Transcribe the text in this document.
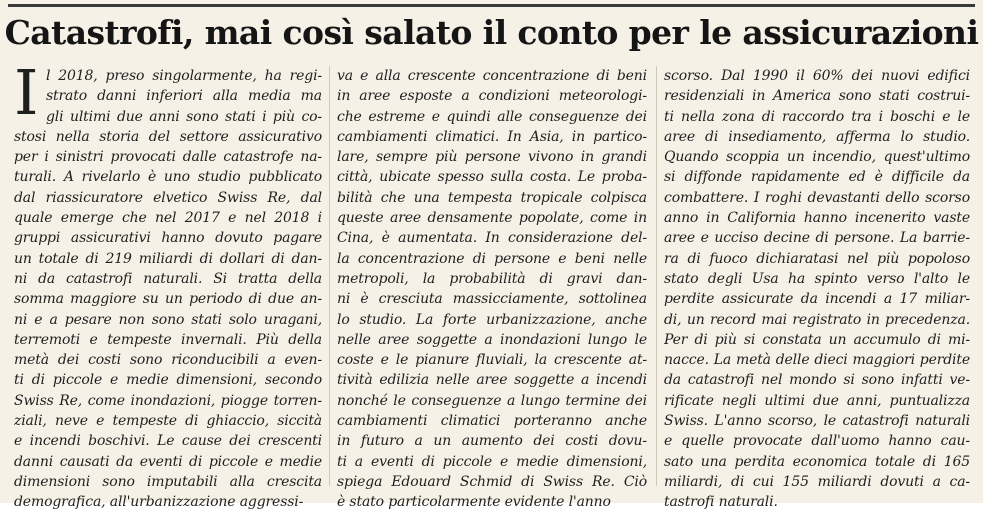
Catastrofi, mai così salato il conto per le assicurazioni
I l 2018, preso singolarmente, ha regi-
strato danni inferiori alla media ma
gli ultimi due anni sono stati i più co-
stosi nella storia del settore assicurativo
per i sinistri provocati dalle catastrofe na-
turali. A rivelarlo è uno studio pubblicato
dal riassicuratore elvetico Swiss Re, dal
quale emerge che nel 2017 e nel 2018 i
gruppi assicurativi hanno dovuto pagare
un totale di 219 miliardi di dollari di dan-
ni da catastrofi naturali. Si tratta della
somma maggiore su un periodo di due an-
ni e a pesare non sono stati solo uragani,
terremoti e tempeste invernali. Più della
metà dei costi sono riconducibili a even-
ti di piccole e medie dimensioni, secondo
Swiss Re, come inondazioni, piogge torren-
ziali, neve e tempeste di ghiaccio, siccità
e incendi boschivi. Le cause dei crescenti
danni causati da eventi di piccole e medie
dimensioni sono imputabili alla crescita
demografica, all'urbanizzazione aggressi-
va e alla crescente concentrazione di beni
in aree esposte a condizioni meteorologi-
che estreme e quindi alle conseguenze dei
cambiamenti climatici. In Asia, in partico-
lare, sempre più persone vivono in grandi
città, ubicate spesso sulla costa. Le proba-
bilità che una tempesta tropicale colpisca
queste aree densamente popolate, come in
Cina, è aumentata. In considerazione del-
la concentrazione di persone e beni nelle
metropoli, la probabilità di gravi dan-
ni è cresciuta massicciamente, sottolinea
lo studio. La forte urbanizzazione, anche
nelle aree soggette a inondazioni lungo le
coste e le pianure fluviali, la crescente at-
tività edilizia nelle aree soggette a incendi
nonché le conseguenze a lungo termine dei
cambiamenti climatici porteranno anche
in futuro a un aumento dei costi dovu-
ti a eventi di piccole e medie dimensioni,
spiega Edouard Schmid di Swiss Re. Ciò
è stato particolarmente evidente l'anno
scorso. Dal 1990 il 60% dei nuovi edifici
residenziali in America sono stati costrui-
ti nella zona di raccordo tra i boschi e le
aree di insediamento, afferma lo studio.
Quando scoppia un incendio, quest'ultimo
si diffonde rapidamente ed è difficile da
combattere. I roghi devastanti dello scorso
anno in California hanno incenerito vaste
aree e ucciso decine di persone. La barrie-
ra di fuoco dichiaratasi nel più popoloso
stato degli Usa ha spinto verso l'alto le
perdite assicurate da incendi a 17 miliar-
di, un record mai registrato in precedenza.
Per di più si constata un accumulo di mi-
nacce. La metà delle dieci maggiori perdite
da catastrofi nel mondo si sono infatti ve-
rificate negli ultimi due anni, puntualizza
Swiss. L'anno scorso, le catastrofi naturali
e quelle provocate dall'uomo hanno cau-
sato una perdita economica totale di 165
miliardi, di cui 155 miliardi dovuti a ca-
tastrofi naturali.
